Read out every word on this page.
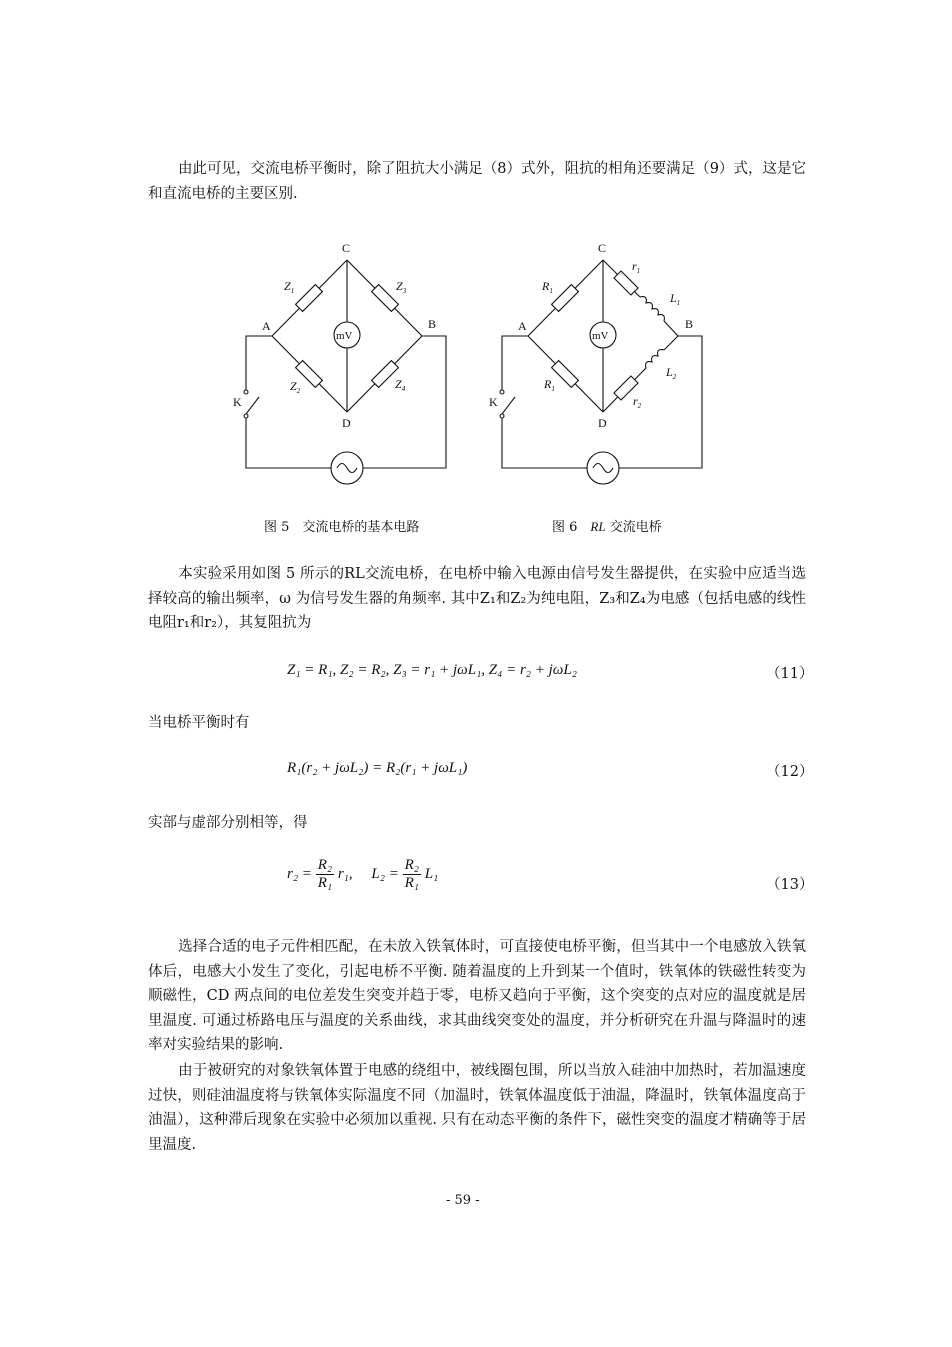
由此可见，交流电桥平衡时，除了阻抗大小满足（8）式外，阻抗的相角还要满足（9）式，这是它和直流电桥的主要区别.
C
A	B
D
K
mV
$Z_1$	$Z_3$
$Z_2$	$Z_4$
C
A	B
D
K
mV
$R_1$
$R_1$
$r_1$
$L_1$
$L_2$
$r_2$
图 5　交流电桥的基本电路	图 6　RL 交流电桥
本实验采用如图 5 所示的RL交流电桥，在电桥中输入电源由信号发生器提供，在实验中应适当选择较高的输出频率，ω 为信号发生器的角频率. 其中Z₁和Z₂为纯电阻，Z₃和Z₄为电感（包括电感的线性电阻r₁和r₂），其复阻抗为
Z₁ = R₁, Z₂ = R₂, Z₃ = r₁ + jωL₁, Z₄ = r₂ + jωL₂	（11）
当电桥平衡时有
R₁(r₂ + jωL₂) = R₂(r₁ + jωL₁)	（12）
实部与虚部分别相等，得
$r_2 = \frac{\text{R₂}}{\text{R₁}} r_1$, $L_2 = \frac{\text{R₂}}{\text{R₁}} L_1$
（13）
选择合适的电子元件相匹配，在未放入铁氧体时，可直接使电桥平衡，但当其中一个电感放入铁氧体后，电感大小发生了变化，引起电桥不平衡. 随着温度的上升到某一个值时，铁氧体的铁磁性转变为顺磁性，CD 两点间的电位差发生突变并趋于零，电桥又趋向于平衡，这个突变的点对应的温度就是居里温度. 可通过桥路电压与温度的关系曲线，求其曲线突变处的温度，并分析研究在升温与降温时的速率对实验结果的影响.
由于被研究的对象铁氧体置于电感的绕组中，被线圈包围，所以当放入硅油中加热时，若加温速度过快，则硅油温度将与铁氧体实际温度不同（加温时，铁氧体温度低于油温，降温时，铁氧体温度高于油温），这种滞后现象在实验中必须加以重视. 只有在动态平衡的条件下，磁性突变的温度才精确等于居里温度.
- 59 -
